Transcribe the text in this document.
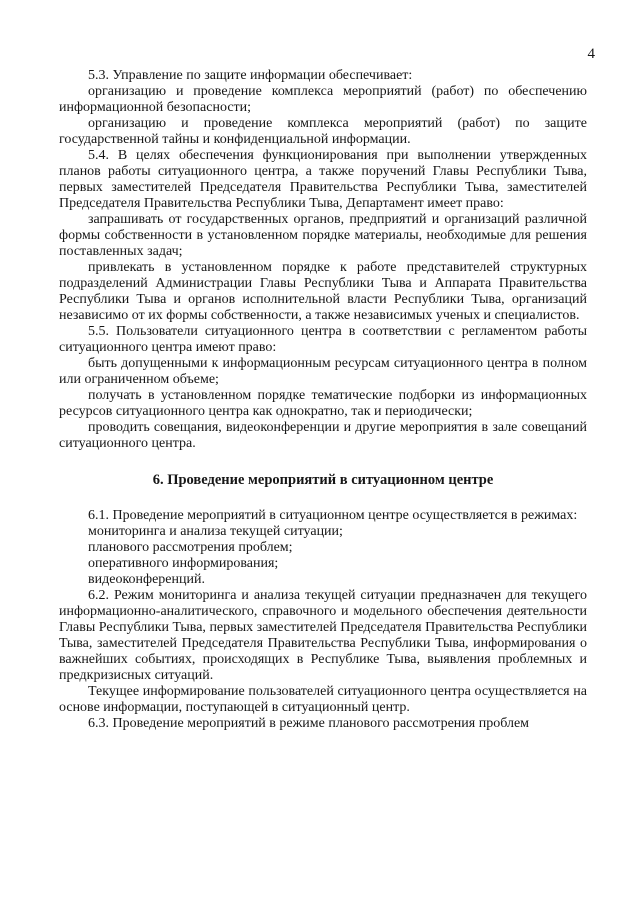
4

5.3. Управление по защите информации обеспечивает:

организацию и проведение комплекса мероприятий (работ) по обеспечению информационной безопасности;

организацию и проведение комплекса мероприятий (работ) по защите государственной тайны и конфиденциальной информации.

5.4. В целях обеспечения функционирования при выполнении утвержденных планов работы ситуационного центра, а также поручений Главы Республики Тыва, первых заместителей Председателя Правительства Республики Тыва, заместителей Председателя Правительства Республики Тыва, Департамент имеет право:

запрашивать от государственных органов, предприятий и организаций различной формы собственности в установленном порядке материалы, необходимые для решения поставленных задач;

привлекать в установленном порядке к работе представителей структурных подразделений Администрации Главы Республики Тыва и Аппарата Правительства Республики Тыва и органов исполнительной власти Республики Тыва, организаций независимо от их формы собственности, а также независимых ученых и специалистов.

5.5. Пользователи ситуационного центра в соответствии с регламентом работы ситуационного центра имеют право:

быть допущенными к информационным ресурсам ситуационного центра в полном или ограниченном объеме;

получать в установленном порядке тематические подборки из информационных ресурсов ситуационного центра как однократно, так и периодически;

проводить совещания, видеоконференции и другие мероприятия в зале совещаний ситуационного центра.

6. Проведение мероприятий в ситуационном центре

6.1. Проведение мероприятий в ситуационном центре осуществляется в режимах:

мониторинга и анализа текущей ситуации;

планового рассмотрения проблем;

оперативного информирования;

видеоконференций.

6.2. Режим мониторинга и анализа текущей ситуации предназначен для текущего информационно-аналитического, справочного и модельного обеспечения деятельности Главы Республики Тыва, первых заместителей Председателя Правительства Республики Тыва, заместителей Председателя Правительства Республики Тыва, информирования о важнейших событиях, происходящих в Республике Тыва, выявления проблемных и предкризисных ситуаций.

Текущее информирование пользователей ситуационного центра осуществляется на основе информации, поступающей в ситуационный центр.

6.3. Проведение мероприятий в режиме планового рассмотрения проблем
